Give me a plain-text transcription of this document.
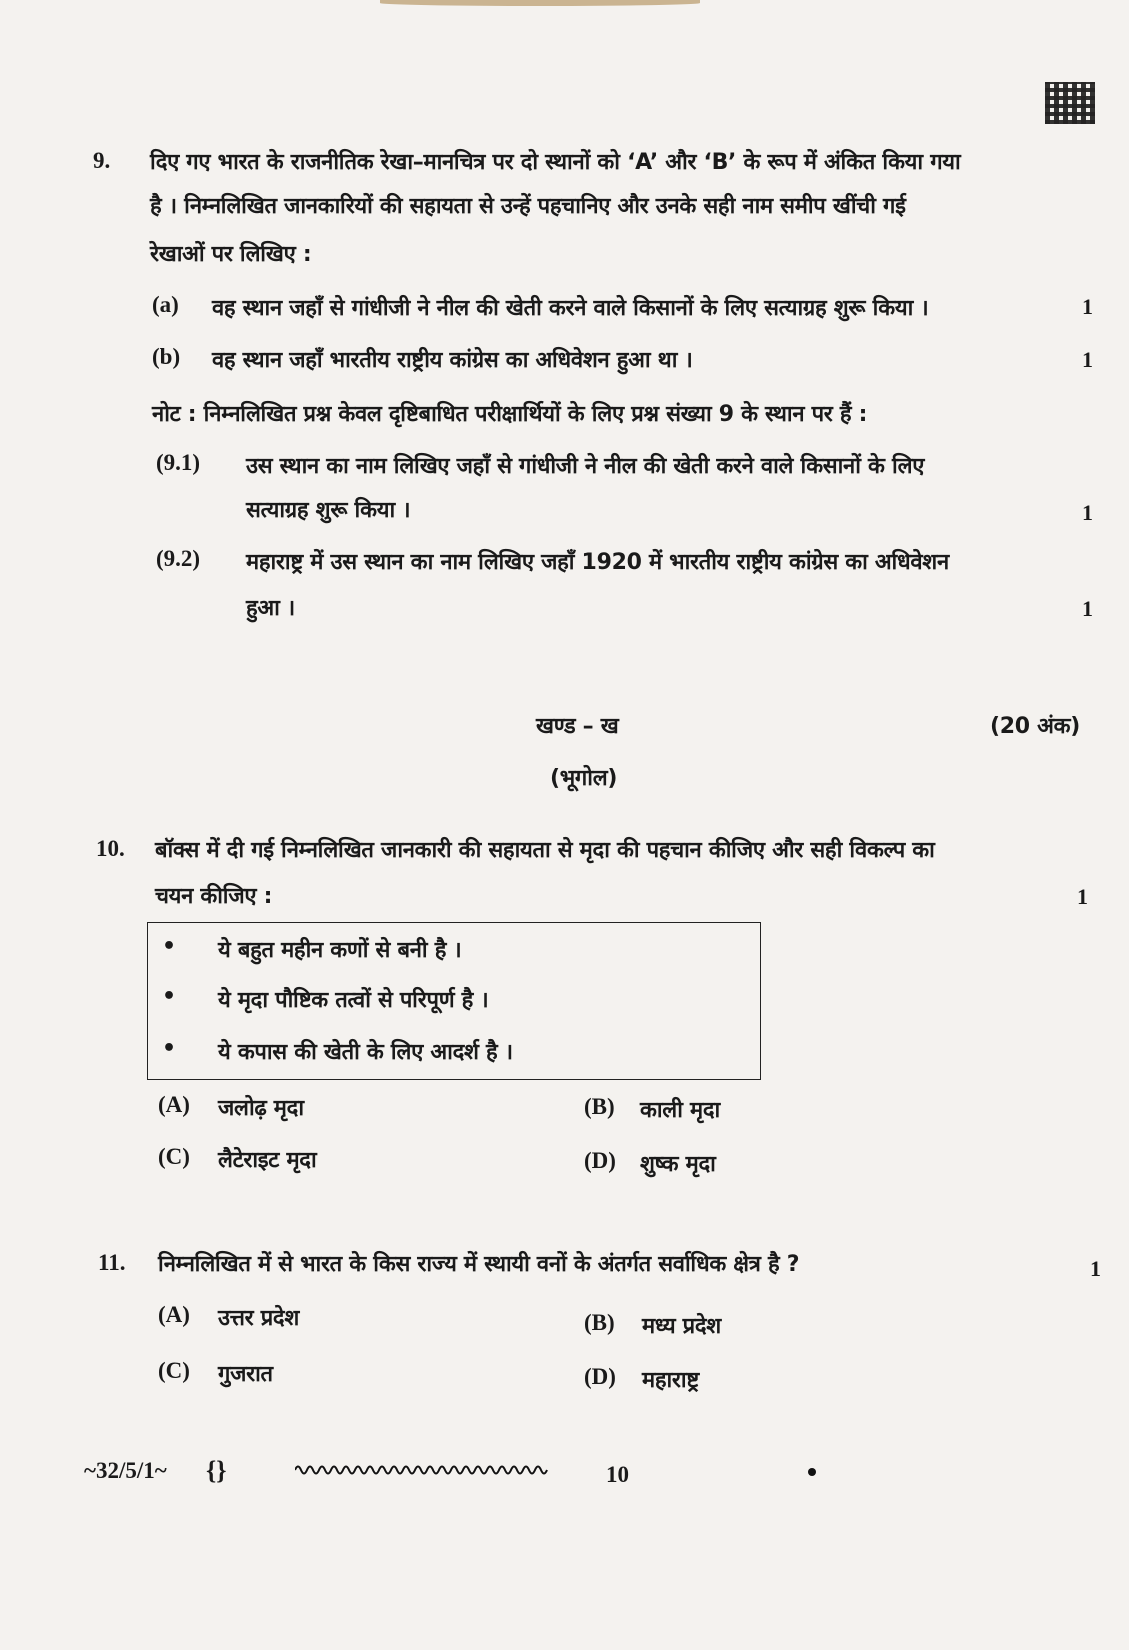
9. दिए गए भारत के राजनीतिक रेखा–मानचित्र पर दो स्थानों को ‘A’ और ‘B’ के रूप में अंकित किया गया
है । निम्नलिखित जानकारियों की सहायता से उन्हें पहचानिए और उनके सही नाम समीप खींची गई
रेखाओं पर लिखिए :
(a) वह स्थान जहाँ से गांधीजी ने नील की खेती करने वाले किसानों के लिए सत्याग्रह शुरू किया ।	1
(b) वह स्थान जहाँ भारतीय राष्ट्रीय कांग्रेस का अधिवेशन हुआ था ।	1
नोट : निम्नलिखित प्रश्न केवल दृष्टिबाधित परीक्षार्थियों के लिए प्रश्न संख्या 9 के स्थान पर हैं :
(9.1) उस स्थान का नाम लिखिए जहाँ से गांधीजी ने नील की खेती करने वाले किसानों के लिए
सत्याग्रह शुरू किया ।	1
(9.2) महाराष्ट्र में उस स्थान का नाम लिखिए जहाँ 1920 में भारतीय राष्ट्रीय कांग्रेस का अधिवेशन
हुआ ।	1
खण्ड – ख	(20 अंक)
(भूगोल)
10. बॉक्स में दी गई निम्नलिखित जानकारी की सहायता से मृदा की पहचान कीजिए और सही विकल्प का
चयन कीजिए :	1
• ये बहुत महीन कणों से बनी है ।
• ये मृदा पौष्टिक तत्वों से परिपूर्ण है ।
• ये कपास की खेती के लिए आदर्श है ।
(A) जलोढ़ मृदा	(B) काली मृदा
(C) लैटेराइट मृदा	(D) शुष्क मृदा
11. निम्नलिखित में से भारत के किस राज्य में स्थायी वनों के अंतर्गत सर्वाधिक क्षेत्र है ?	1
(A) उत्तर प्रदेश	(B) मध्य प्रदेश
(C) गुजरात	(D) महाराष्ट्र
~32/5/1~ {}	10
